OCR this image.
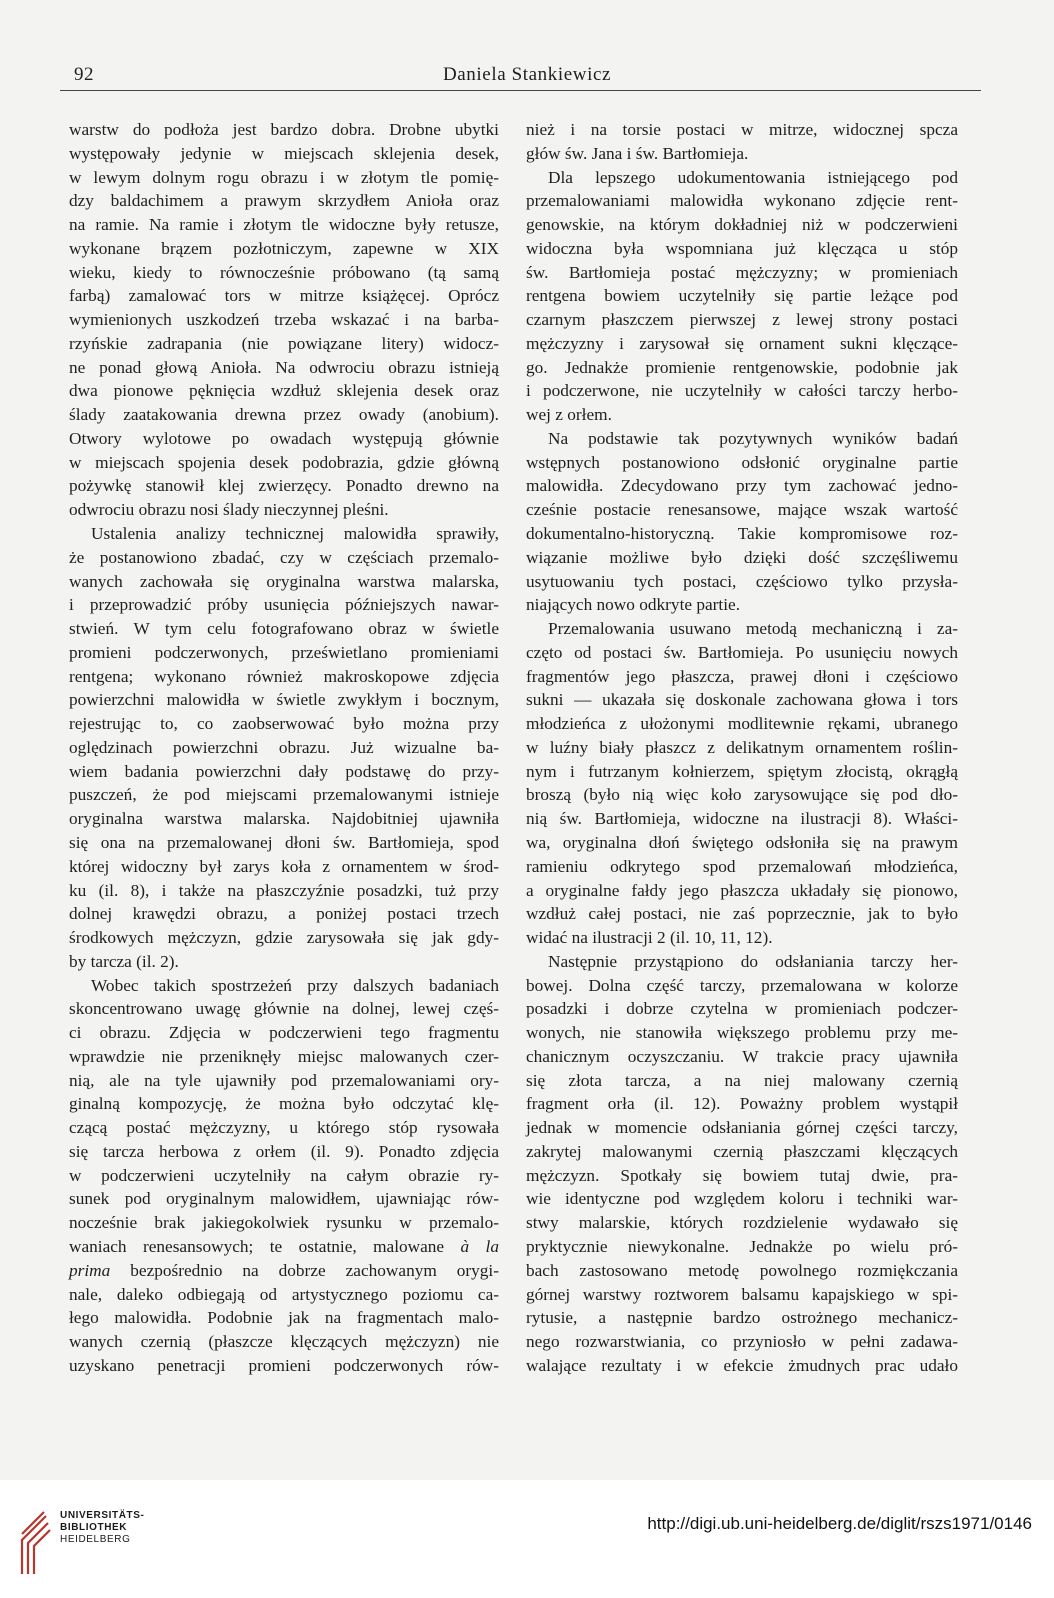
92	Daniela Stankiewicz
warstw do podłoża jest bardzo dobra. Drobne ubytki
występowały jedynie w miejscach sklejenia desek,
w lewym dolnym rogu obrazu i w złotym tle pomię-
dzy baldachimem a prawym skrzydłem Anioła oraz
na ramie. Na ramie i złotym tle widoczne były retusze,
wykonane brązem pozłotniczym, zapewne w XIX
wieku, kiedy to równocześnie próbowano (tą samą
farbą) zamalować tors w mitrze książęcej. Oprócz
wymienionych uszkodzeń trzeba wskazać i na barba-
rzyńskie zadrapania (nie powiązane litery) widocz-
ne ponad głową Anioła. Na odwrociu obrazu istnieją
dwa pionowe pęknięcia wzdłuż sklejenia desek oraz
ślady zaatakowania drewna przez owady (anobium).
Otwory wylotowe po owadach występują głównie
w miejscach spojenia desek podobrazia, gdzie główną
pożywkę stanowił klej zwierzęcy. Ponadto drewno na
odwrociu obrazu nosi ślady nieczynnej pleśni.
Ustalenia analizy technicznej malowidła sprawiły,
że postanowiono zbadać, czy w częściach przemalo-
wanych zachowała się oryginalna warstwa malarska,
i przeprowadzić próby usunięcia późniejszych nawar-
stwień. W tym celu fotografowano obraz w świetle
promieni podczerwonych, prześwietlano promieniami
rentgena; wykonano również makroskopowe zdjęcia
powierzchni malowidła w świetle zwykłym i bocznym,
rejestrując to, co zaobserwować było można przy
oględzinach powierzchni obrazu. Już wizualne ba-
wiem badania powierzchni dały podstawę do przy-
puszczeń, że pod miejscami przemalowanymi istnieje
oryginalna warstwa malarska. Najdobitniej ujawniła
się ona na przemalowanej dłoni św. Bartłomieja, spod
której widoczny był zarys koła z ornamentem w środ-
ku (il. 8), i także na płaszczyźnie posadzki, tuż przy
dolnej krawędzi obrazu, a poniżej postaci trzech
środkowych mężczyzn, gdzie zarysowała się jak gdy-
by tarcza (il. 2).
Wobec takich spostrzeżeń przy dalszych badaniach
skoncentrowano uwagę głównie na dolnej, lewej częś-
ci obrazu. Zdjęcia w podczerwieni tego fragmentu
wprawdzie nie przeniknęły miejsc malowanych czer-
nią, ale na tyle ujawniły pod przemalowaniami ory-
ginalną kompozycję, że można było odczytać klę-
czącą postać mężczyzny, u którego stóp rysowała
się tarcza herbowa z orłem (il. 9). Ponadto zdjęcia
w podczerwieni uczytelniły na całym obrazie ry-
sunek pod oryginalnym malowidłem, ujawniając rów-
nocześnie brak jakiegokolwiek rysunku w przemalo-
waniach renesansowych; te ostatnie, malowane à la
prima bezpośrednio na dobrze zachowanym orygi-
nale, daleko odbiegają od artystycznego poziomu ca-
łego malowidła. Podobnie jak na fragmentach malo-
wanych czernią (płaszcze klęczących mężczyzn) nie
uzyskano penetracji promieni podczerwonych rów-
nież i na torsie postaci w mitrze, widocznej spcza
głów św. Jana i św. Bartłomieja.
Dla lepszego udokumentowania istniejącego pod
przemalowaniami malowidła wykonano zdjęcie rent-
genowskie, na którym dokładniej niż w podczerwieni
widoczna była wspomniana już klęcząca u stóp
św. Bartłomieja postać mężczyzny; w promieniach
rentgena bowiem uczytelniły się partie leżące pod
czarnym płaszczem pierwszej z lewej strony postaci
mężczyzny i zarysował się ornament sukni klęczące-
go. Jednakże promienie rentgenowskie, podobnie jak
i podczerwone, nie uczytelniły w całości tarczy herbo-
wej z orłem.
Na podstawie tak pozytywnych wyników badań
wstępnych postanowiono odsłonić oryginalne partie
malowidła. Zdecydowano przy tym zachować jedno-
cześnie postacie renesansowe, mające wszak wartość
dokumentalno-historyczną. Takie kompromisowe roz-
wiązanie możliwe było dzięki dość szczęśliwemu
usytuowaniu tych postaci, częściowo tylko przysła-
niających nowo odkryte partie.
Przemalowania usuwano metodą mechaniczną i za-
częto od postaci św. Bartłomieja. Po usunięciu nowych
fragmentów jego płaszcza, prawej dłoni i częściowo
sukni — ukazała się doskonale zachowana głowa i tors
młodzieńca z ułożonymi modlitewnie rękami, ubranego
w luźny biały płaszcz z delikatnym ornamentem roślin-
nym i futrzanym kołnierzem, spiętym złocistą, okrągłą
broszą (było nią więc koło zarysowujące się pod dło-
nią św. Bartłomieja, widoczne na ilustracji 8). Właści-
wa, oryginalna dłoń świętego odsłoniła się na prawym
ramieniu odkrytego spod przemalowań młodzieńca,
a oryginalne fałdy jego płaszcza układały się pionowo,
wzdłuż całej postaci, nie zaś poprzecznie, jak to było
widać na ilustracji 2 (il. 10, 11, 12).
Następnie przystąpiono do odsłaniania tarczy her-
bowej. Dolna część tarczy, przemalowana w kolorze
posadzki i dobrze czytelna w promieniach podczer-
wonych, nie stanowiła większego problemu przy me-
chanicznym oczyszczaniu. W trakcie pracy ujawniła
się złota tarcza, a na niej malowany czernią
fragment orła (il. 12). Poważny problem wystąpił
jednak w momencie odsłaniania górnej części tarczy,
zakrytej malowanymi czernią płaszczami klęczących
mężczyzn. Spotkały się bowiem tutaj dwie, pra-
wie identyczne pod względem koloru i techniki war-
stwy malarskie, których rozdzielenie wydawało się
pryktycznie niewykonalne. Jednakże po wielu pró-
bach zastosowano metodę powolnego rozmiękczania
górnej warstwy roztworem balsamu kapajskiego w spi-
rytusie, a następnie bardzo ostrożnego mechanicz-
nego rozwarstwiania, co przyniosło w pełni zadawa-
walające rezultaty i w efekcie żmudnych prac udało
UNIVERSITÄTS-
BIBLIOTHEK
HEIDELBERG
http://digi.ub.uni-heidelberg.de/diglit/rszs1971/0146
